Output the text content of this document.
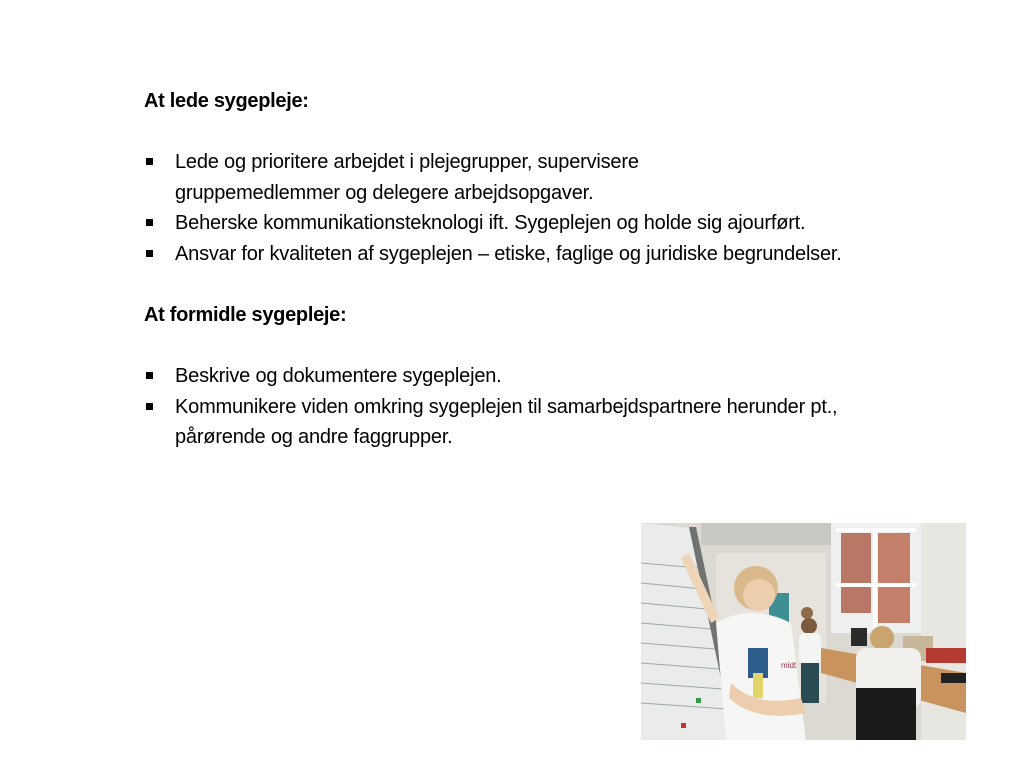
At lede sygepleje:

Lede og prioritere arbejdet i plejegrupper, supervisere gruppemedlemmer og delegere arbejdsopgaver.
Beherske kommunikationsteknologi ift. Sygeplejen og holde sig ajourført.
Ansvar for kvaliteten af sygeplejen – etiske, faglige og juridiske begrundelser.

At formidle sygepleje:

Beskrive og dokumentere sygeplejen.
Kommunikere viden omkring sygeplejen til samarbejdspartnere herunder pt., pårørende og andre faggrupper.
midt
